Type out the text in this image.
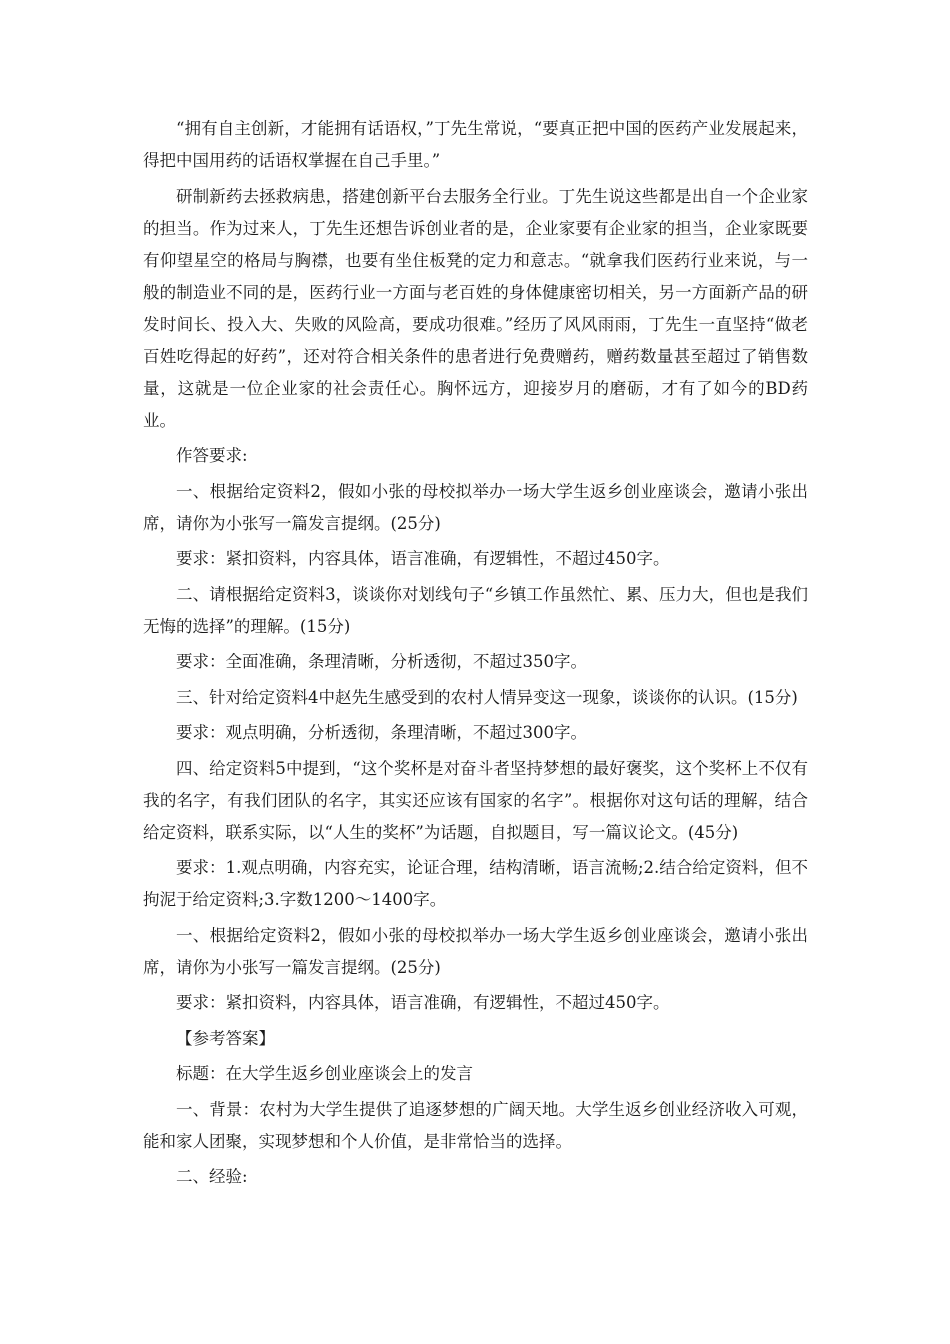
“拥有自主创新，才能拥有话语权，”丁先生常说，“要真正把中国的医药产业发展起来，得把中国用药的话语权掌握在自己手里。”

研制新药去拯救病患，搭建创新平台去服务全行业。丁先生说这些都是出自一个企业家的担当。作为过来人，丁先生还想告诉创业者的是，企业家要有企业家的担当，企业家既要有仰望星空的格局与胸襟，也要有坐住板凳的定力和意志。“就拿我们医药行业来说，与一般的制造业不同的是，医药行业一方面与老百姓的身体健康密切相关，另一方面新产品的研发时间长、投入大、失败的风险高，要成功很难。”经历了风风雨雨，丁先生一直坚持“做老百姓吃得起的好药”，还对符合相关条件的患者进行免费赠药，赠药数量甚至超过了销售数量，这就是一位企业家的社会责任心。胸怀远方，迎接岁月的磨砺，才有了如今的BD药业。

作答要求:

一、根据给定资料2，假如小张的母校拟举办一场大学生返乡创业座谈会，邀请小张出席，请你为小张写一篇发言提纲。(25分)

要求：紧扣资料，内容具体，语言准确，有逻辑性，不超过450字。

二、请根据给定资料3，谈谈你对划线句子“乡镇工作虽然忙、累、压力大，但也是我们无悔的选择”的理解。(15分)

要求：全面准确，条理清晰，分析透彻，不超过350字。

三、针对给定资料4中赵先生感受到的农村人情异变这一现象，谈谈你的认识。(15分)

要求：观点明确，分析透彻，条理清晰，不超过300字。

四、给定资料5中提到，“这个奖杯是对奋斗者坚持梦想的最好褒奖，这个奖杯上不仅有我的名字，有我们团队的名字，其实还应该有国家的名字”。根据你对这句话的理解，结合给定资料，联系实际，以“人生的奖杯”为话题，自拟题目，写一篇议论文。(45分)

要求：1.观点明确，内容充实，论证合理，结构清晰，语言流畅;2.结合给定资料，但不拘泥于给定资料;3.字数1200～1400字。

一、根据给定资料2，假如小张的母校拟举办一场大学生返乡创业座谈会，邀请小张出席，请你为小张写一篇发言提纲。(25分)

要求：紧扣资料，内容具体，语言准确，有逻辑性，不超过450字。

【参考答案】

标题：在大学生返乡创业座谈会上的发言

一、背景：农村为大学生提供了追逐梦想的广阔天地。大学生返乡创业经济收入可观，能和家人团聚，实现梦想和个人价值，是非常恰当的选择。

二、经验:
